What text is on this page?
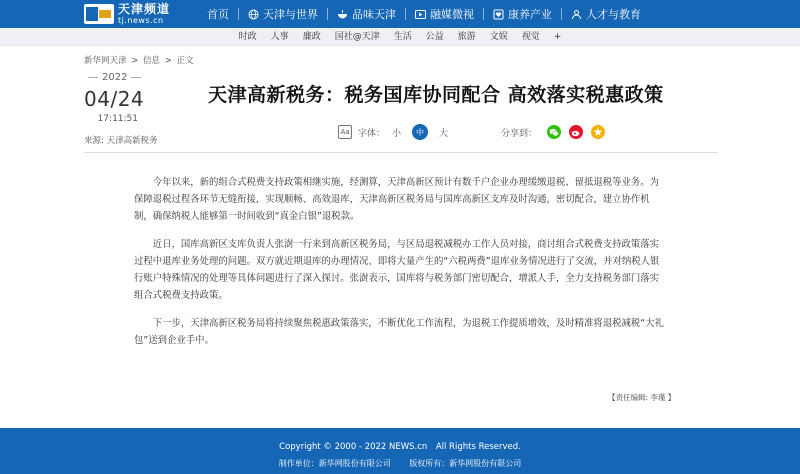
天津频道
tj.news.cn	首页	天津与世界	品味天津	融媒微视	康养产业	人才与教育
时政	人事	廉政	国社@天津	生活	公益	旅游	文娱	视觉	+
新华网天津 > 信息 > 正文
2022
04/24
17:11:51
来源: 天津高新税务
天津高新税务：税务国库协同配合 高效落实税惠政策
Aa 字体： 小	中	大	分享到：

今年以来，新的组合式税费支持政策相继实施，经测算，天津高新区预计有数千户企业办理缓缴退税、留抵退税等业务。为保障退税过程各环节无缝衔接，实现顺畅、高效退库，天津高新区税务局与国库高新区支库及时沟通，密切配合，建立协作机制，确保纳税人能够第一时间收到“真金白银”退税款。

近日，国库高新区支库负责人张澍一行来到高新区税务局，与区局退税减税办工作人员对接，商讨组合式税费支持政策落实过程中退库业务处理的问题。双方就近期退库的办理情况、即将大量产生的“六税两费”退库业务情况进行了交流，并对纳税人银行账户特殊情况的处理等具体问题进行了深入探讨。张澍表示，国库将与税务部门密切配合，增派人手，全力支持税务部门落实组合式税费支持政策。

下一步，天津高新区税务局将持续聚焦税惠政策落实，不断优化工作流程，为退税工作提质增效，及时精准将退税减税“大礼包”送到企业手中。

【责任编辑: 李瑾 】
Copyright © 2000 - 2022 NEWS.cn　All Rights Reserved.
制作单位：新华网股份有限公司 版权所有：新华网股份有限公司
